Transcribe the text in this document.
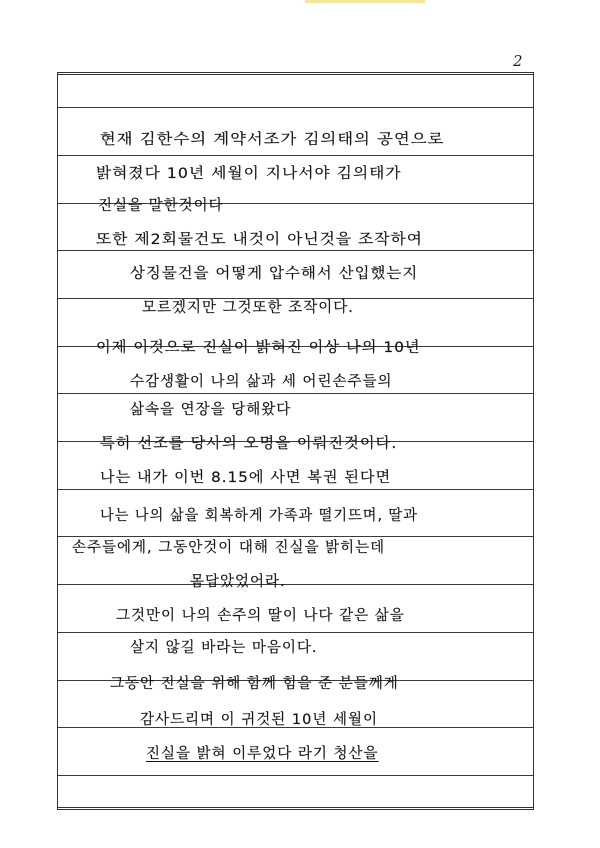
2
현재 김한수의 계약서조가 김의태의 공연으로
밝혀졌다 10년 세월이 지나서야 김의태가
진실을 말한것이다
또한 제2회물건도 내것이 아닌것을 조작하여
상징물건을 어떻게 압수해서 산입했는지
모르겠지만 그것또한 조작이다.
이제 이것으로 진실이 밝혀진 이상 나의 10년
수감생활이 나의 삶과 세 어린손주들의
삶속을 연장을 당해왔다
특히 선조를 당사의 오명을 이뤄진것이다.
나는 내가 이번 8.15에 사면 복권 된다면
나는 나의 삶을 회복하게 가족과 떨기뜨며, 딸과
손주들에게, 그동안것이 대해 진실을 밝히는데
몸담았었어라.
그것만이 나의 손주의 딸이 나다 같은 삶을
살지 않길 바라는 마음이다.
그동안 진실을 위해 함께 힘을 준 분들께게
감사드리며 이 귀것된 10년 세월이
진실을 밝혀 이루었다 라기 청산을
